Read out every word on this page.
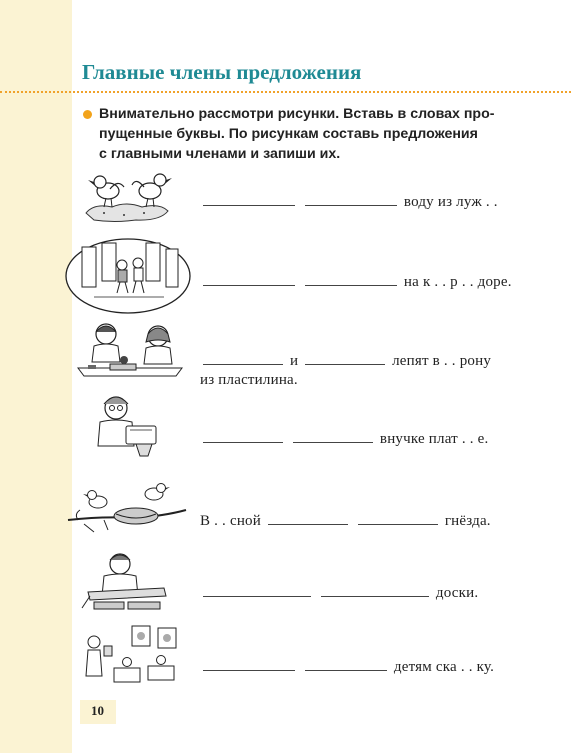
Главные члены предложения
Внимательно рассмотри рисунки. Вставь в словах про-
пущенные буквы. По рисункам составь предложения
с главными членами и запиши их.
воду из луж . .
на к . . р . . доре.
и	лепят в . . рону
из пластилина.
внучке плат . . е.
В . . сной	гнёзда.
доски.
детям ска . . ку.
10
